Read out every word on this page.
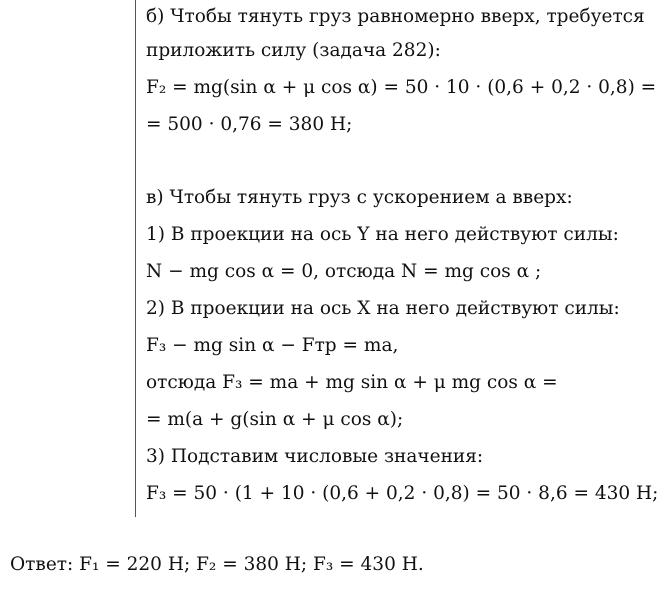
б) Чтобы тянуть груз равномерно вверх, требуется
приложить силу (задача 282):
F₂ = mg(sin α + μ cos α) = 50 · 10 · (0,6 + 0,2 · 0,8) =
= 500 · 0,76 = 380 Н;
в) Чтобы тянуть груз с ускорением a вверх:
1) В проекции на ось Y на него действуют силы:
N − mg cos α = 0, отсюда N = mg cos α ;
2) В проекции на ось X на него действуют силы:
F₃ − mg sin α − Fтр = ma,
отсюда F₃ = ma + mg sin α + μ mg cos α =
= m(a + g(sin α + μ cos α);
3) Подставим числовые значения:
F₃ = 50 · (1 + 10 · (0,6 + 0,2 · 0,8) = 50 · 8,6 = 430 Н;
Ответ: F₁ = 220 Н; F₂ = 380 Н; F₃ = 430 Н.
